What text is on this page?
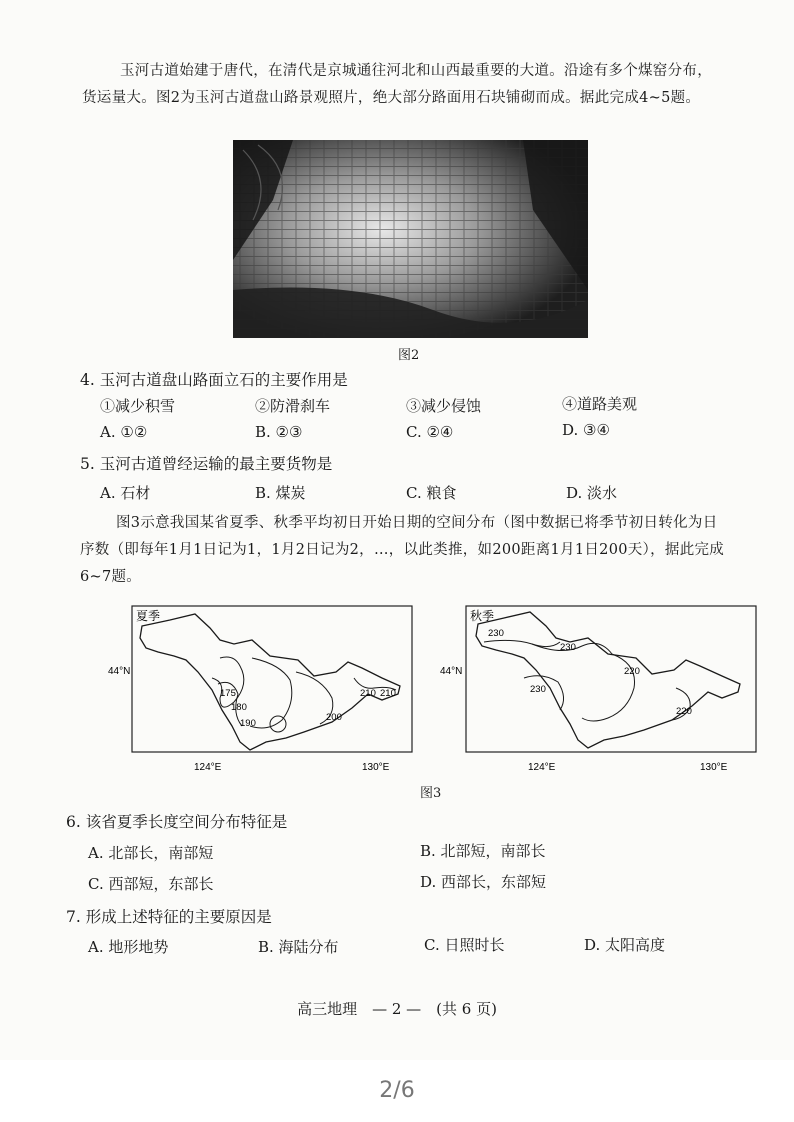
玉河古道始建于唐代，在清代是京城通往河北和山西最重要的大道。沿途有多个煤窑分布，货运量大。图2为玉河古道盘山路景观照片，绝大部分路面用石块铺砌而成。据此完成4~5题。
图2
4. 玉河古道盘山路面立石的主要作用是
①减少积雪	②防滑刹车	③减少侵蚀	④道路美观
A. ①②	B. ②③	C. ②④	D. ③④
5. 玉河古道曾经运输的最主要货物是
A. 石材	B. 煤炭	C. 粮食	D. 淡水
图3示意我国某省夏季、秋季平均初日开始日期的空间分布（图中数据已将季节初日转化为日序数（即每年1月1日记为1，1月2日记为2，…，以此类推，如200距离1月1日200天），据此完成6~7题。
夏季
44°N
124°E	130°E
175
180
190
200
210 210
秋季
44°N
124°E	130°E
230
230
230
220
220
图3
6. 该省夏季长度空间分布特征是
A. 北部长，南部短	B. 北部短，南部长
C. 西部短，东部长	D. 西部长，东部短
7. 形成上述特征的主要原因是
A. 地形地势	B. 海陆分布	C. 日照时长	D. 太阳高度
高三地理　— 2 —　(共 6 页)
2/6
